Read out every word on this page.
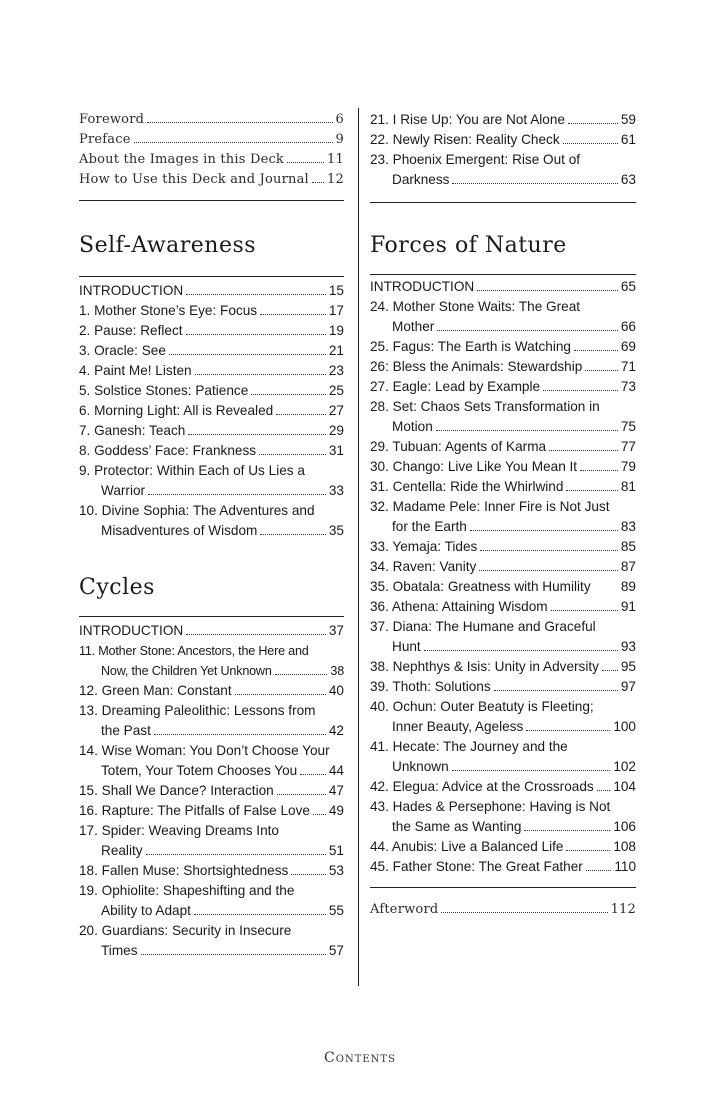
Foreword	6
Preface	9
About the Images in this Deck	11
How to Use this Deck and Journal 12
Self-Awareness
INTRODUCTION	15
1. Mother Stone’s Eye: Focus	17
2. Pause: Reflect	19
3. Oracle: See	21
4. Paint Me! Listen	23
5. Solstice Stones: Patience	25
6. Morning Light: All is Revealed	27
7. Ganesh: Teach	29
8. Goddess’ Face: Frankness	31
9. Protector: Within Each of Us Lies a
Warrior	33
10. Divine Sophia: The Adventures and
Misadventures of Wisdom	35
Cycles
INTRODUCTION	37
11. Mother Stone: Ancestors, the Here and
Now, the Children Yet Unknown	38
12. Green Man: Constant	40
13. Dreaming Paleolithic: Lessons from
the Past	42
14. Wise Woman: You Don’t Choose Your
Totem, Your Totem Chooses You 44
15. Shall We Dance? Interaction	47
16. Rapture: The Pitfalls of False Love 49
17. Spider: Weaving Dreams Into
Reality	51
18. Fallen Muse: Shortsightedness	53
19. Ophiolite: Shapeshifting and the
Ability to Adapt	55
20. Guardians: Security in Insecure
Times	57
21. I Rise Up: You are Not Alone	59
22. Newly Risen: Reality Check	61
23. Phoenix Emergent: Rise Out of
Darkness	63
Forces of Nature
INTRODUCTION	65
24. Mother Stone Waits: The Great
Mother	66
25. Fagus: The Earth is Watching	69
26: Bless the Animals: Stewardship	71
27. Eagle: Lead by Example	73
28. Set: Chaos Sets Transformation in
Motion	75
29. Tubuan: Agents of Karma	77
30. Chango: Live Like You Mean It	79
31. Centella: Ride the Whirlwind	81
32. Madame Pele: Inner Fire is Not Just
for the Earth	83
33. Yemaja: Tides	85
34. Raven: Vanity	87
35. Obatala: Greatness with Humility 89
36. Athena: Attaining Wisdom	91
37. Diana: The Humane and Graceful
Hunt	93
38. Nephthys & Isis: Unity in Adversity 95
39. Thoth: Solutions	97
40. Ochun: Outer Beatuty is Fleeting;
Inner Beauty, Ageless	100
41. Hecate: The Journey and the
Unknown	102
42. Elegua: Advice at the Crossroads 104
43. Hades & Persephone: Having is Not
the Same as Wanting	106
44. Anubis: Live a Balanced Life	108
45. Father Stone: The Great Father 110
Afterword	112
Contents
